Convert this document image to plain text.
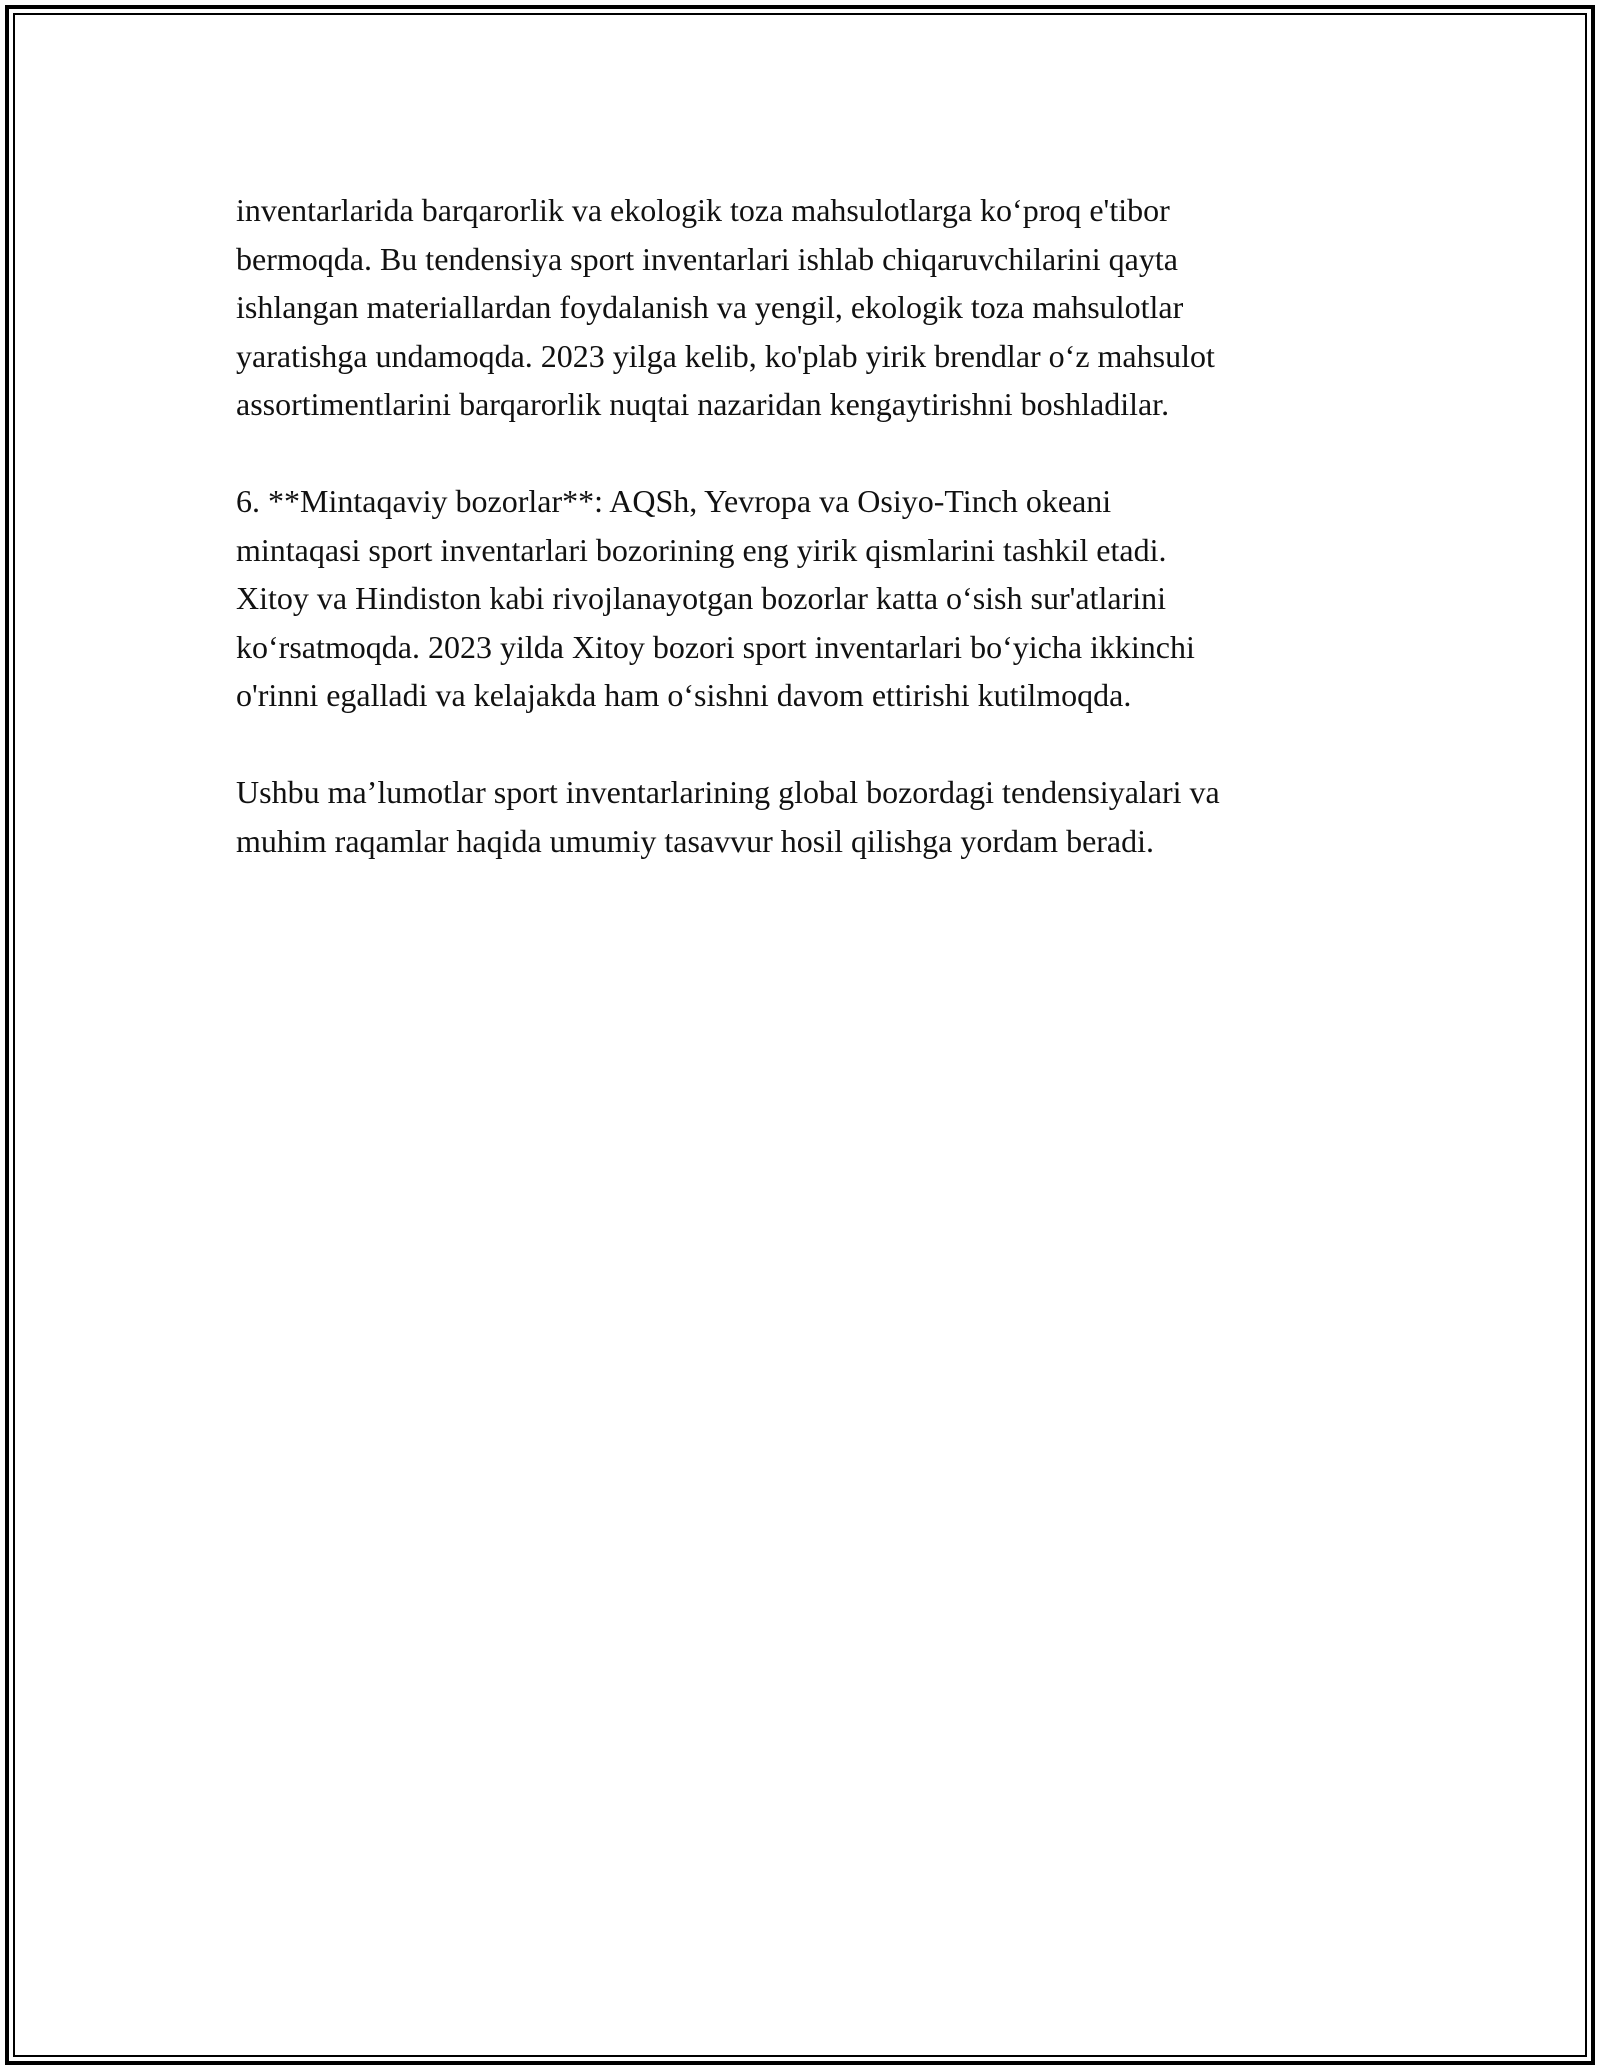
inventarlarida barqarorlik va ekologik toza mahsulotlarga ko‘proq e'tibor
bermoqda. Bu tendensiya sport inventarlari ishlab chiqaruvchilarini qayta
ishlangan materiallardan foydalanish va yengil, ekologik toza mahsulotlar
yaratishga undamoqda. 2023 yilga kelib, ko'plab yirik brendlar o‘z mahsulot
assortimentlarini barqarorlik nuqtai nazaridan kengaytirishni boshladilar.

6. **Mintaqaviy bozorlar**: AQSh, Yevropa va Osiyo-Tinch okeani
mintaqasi sport inventarlari bozorining eng yirik qismlarini tashkil etadi.
Xitoy va Hindiston kabi rivojlanayotgan bozorlar katta o‘sish sur'atlarini
ko‘rsatmoqda. 2023 yilda Xitoy bozori sport inventarlari bo‘yicha ikkinchi
o'rinni egalladi va kelajakda ham o‘sishni davom ettirishi kutilmoqda.

Ushbu ma’lumotlar sport inventarlarining global bozordagi tendensiyalari va
muhim raqamlar haqida umumiy tasavvur hosil qilishga yordam beradi.
